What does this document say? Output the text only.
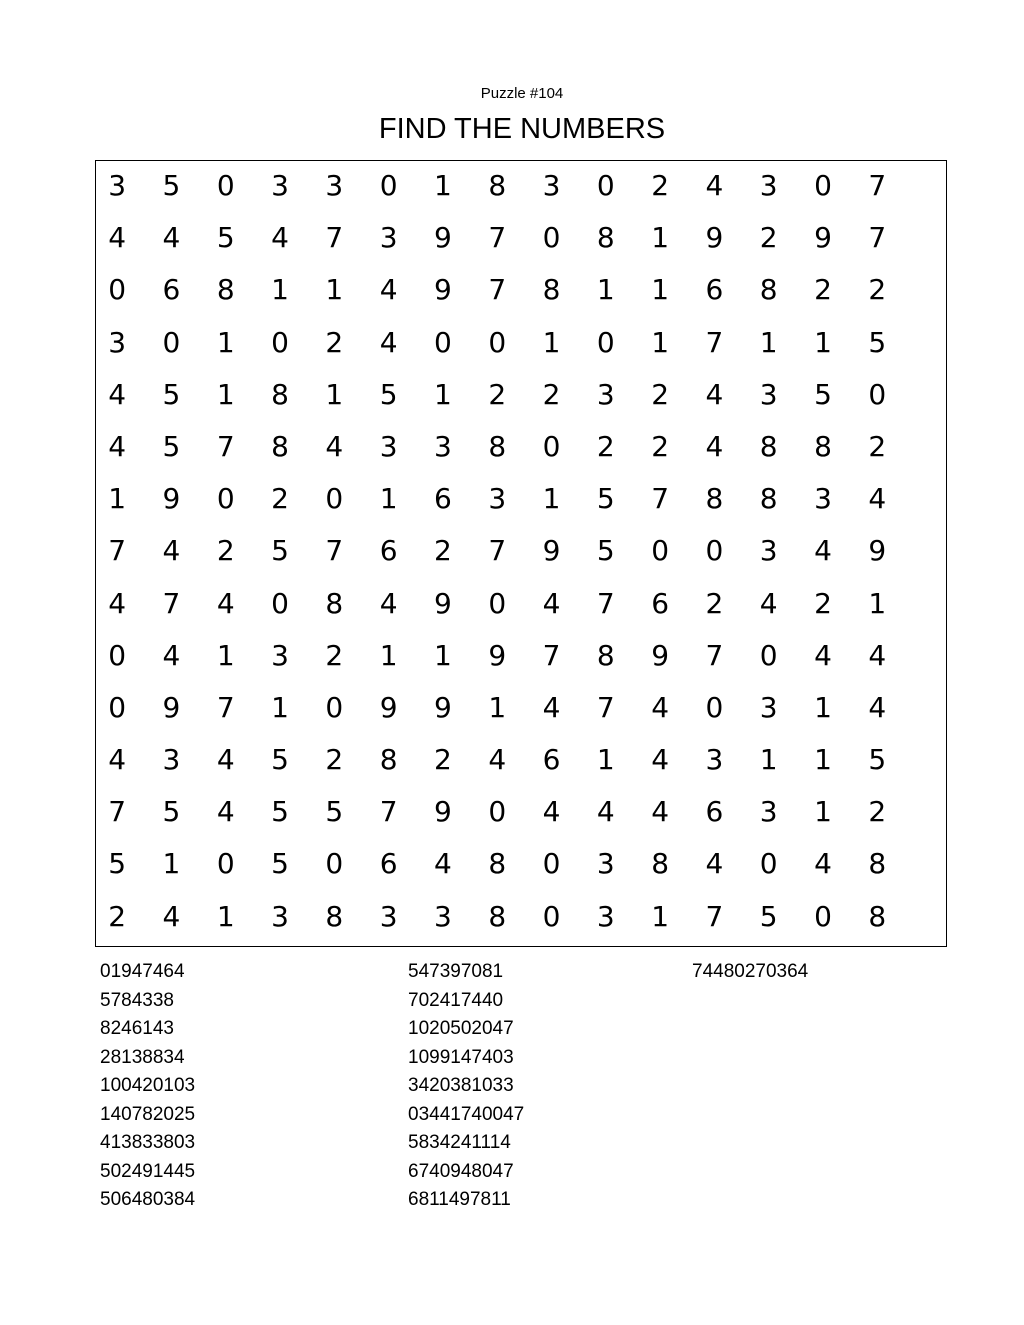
Puzzle #104
FIND THE NUMBERS
3	5	0	3	3	0	1	8	3	0	2	4	3	0	7
4	4	5	4	7	3	9	7	0	8	1	9	2	9	7
0	6	8	1	1	4	9	7	8	1	1	6	8	2	2
3	0	1	0	2	4	0	0	1	0	1	7	1	1	5
4	5	1	8	1	5	1	2	2	3	2	4	3	5	0
4	5	7	8	4	3	3	8	0	2	2	4	8	8	2
1	9	0	2	0	1	6	3	1	5	7	8	8	3	4
7	4	2	5	7	6	2	7	9	5	0	0	3	4	9
4	7	4	0	8	4	9	0	4	7	6	2	4	2	1
0	4	1	3	2	1	1	9	7	8	9	7	0	4	4
0	9	7	1	0	9	9	1	4	7	4	0	3	1	4
4	3	4	5	2	8	2	4	6	1	4	3	1	1	5
7	5	4	5	5	7	9	0	4	4	4	6	3	1	2
5	1	0	5	0	6	4	8	0	3	8	4	0	4	8
2	4	1	3	8	3	3	8	0	3	1	7	5	0	8
01947464
5784338
8246143
28138834
100420103
140782025
413833803
502491445
506480384
547397081
702417440
1020502047
1099147403
3420381033
03441740047
5834241114
6740948047
6811497811
74480270364
